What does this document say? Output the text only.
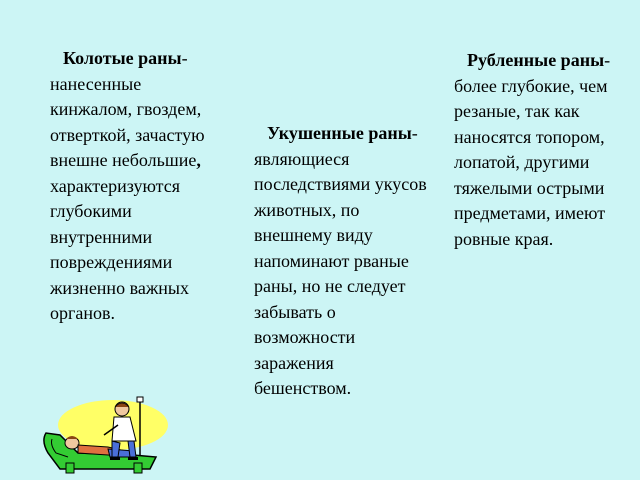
Колотые раны- нанесенные кинжалом, гвоздем, отверткой, зачастую внешне небольшие, характеризуются глубокими внутренними повреждениями жизненно важных органов.
Укушенные раны- являющиеся последствиями укусов животных, по внешнему виду напоминают рваные раны, но не следует забывать о возможности заражения бешенством.
Рубленные раны- более глубокие, чем резаные, так как наносятся топором, лопатой, другими тяжелыми острыми предметами, имеют ровные края.
